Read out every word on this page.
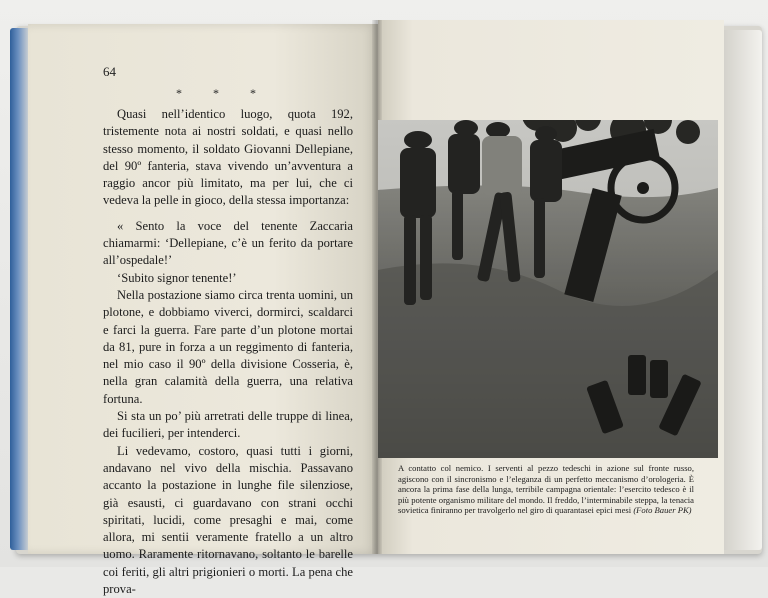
64
*	*	*

Quasi nell’identico luogo, quota 192, tristemente nota ai nostri soldati, e quasi nello stesso momento, il soldato Giovanni Dellepiane, del 90º fanteria, stava vivendo un’avventura a raggio ancor più limitato, ma per lui, che ci vedeva la pelle in gioco, della stessa importanza:

« Sento la voce del tenente Zaccaria chiamarmi: ‘Dellepiane, c’è un ferito da portare all’ospedale!’

‘Subito signor tenente!’

Nella postazione siamo circa trenta uomini, un plotone, e dobbiamo viverci, dormirci, scaldarci e farci la guerra. Fare parte d’un plotone mortai da 81, pure in forza a un reggimento di fanteria, nel mio caso il 90º della divisione Cosseria, è, nella gran calamità della guerra, una relativa fortuna.

Si sta un po’ più arretrati delle truppe di linea, dei fucilieri, per intenderci.

Li vedevamo, costoro, quasi tutti i giorni, andavano nel vivo della mischia. Passavano accanto la postazione in lunghe file silenziose, già esausti, ci guardavano con strani occhi spiritati, lucidi, come presaghi e mai, come allora, mi sentii veramente fratello a un altro uomo. Raramente ritornavano, soltanto le barelle coi feriti, gli altri prigionieri o morti. La pena che prova-

A contatto col nemico. I serventi al pezzo tedeschi in azione sul fronte russo, agiscono con il sincronismo e l’eleganza di un perfetto meccanismo d’orologeria. È ancora la prima fase della lunga, terribile campagna orientale: l’esercito tedesco è il più potente organismo militare del mondo. Il freddo, l’interminabile steppa, la tenacia sovietica finiranno per travolgerlo nel giro di quarantasei epici mesi (Foto Bauer PK)
